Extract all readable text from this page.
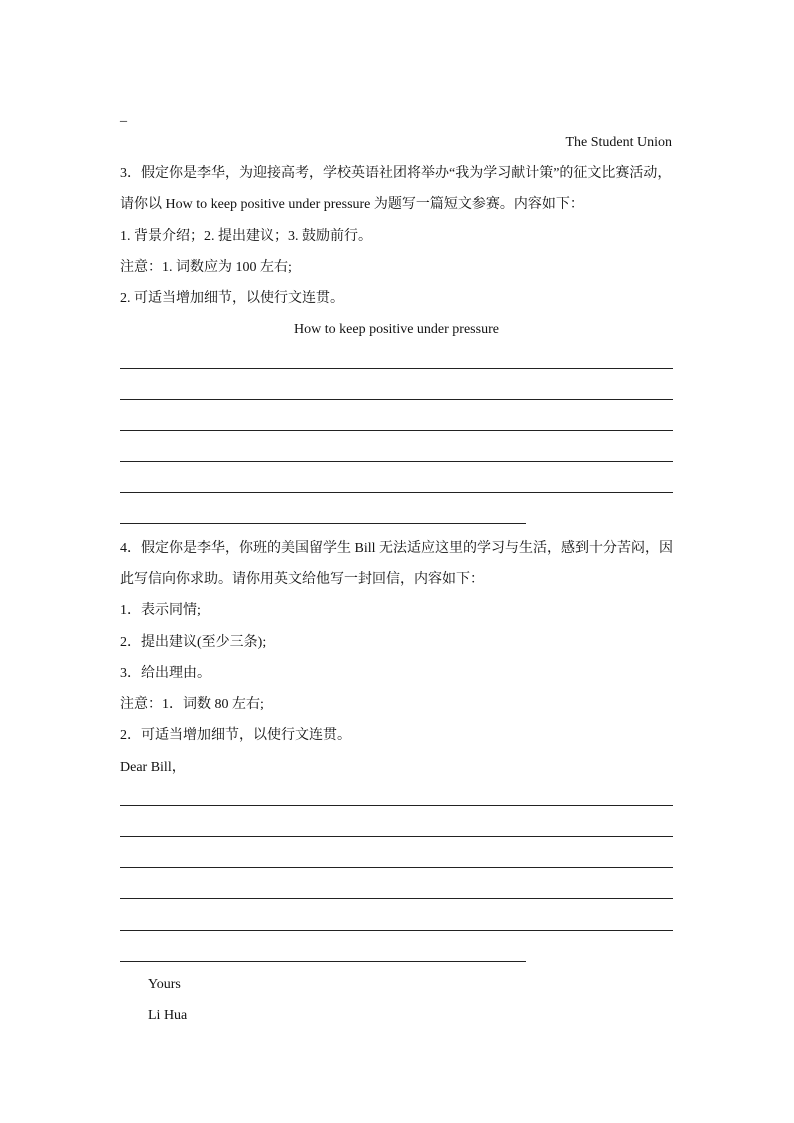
_
The Student Union
3．假定你是李华，为迎接高考，学校英语社团将举办“我为学习献计策”的征文比赛活动，
请你以 How to keep positive under pressure 为题写一篇短文参赛。内容如下：
1. 背景介绍；2. 提出建议；3. 鼓励前行。
注意：1. 词数应为 100 左右;
2. 可适当增加细节，以使行文连贯。
How to keep positive under pressure
4．假定你是李华，你班的美国留学生 Bill 无法适应这里的学习与生活，感到十分苦闷，因
此写信向你求助。请你用英文给他写一封回信，内容如下：
1．表示同情;
2．提出建议(至少三条);
3．给出理由。
注意：1．词数 80 左右;
2．可适当增加细节，以使行文连贯。
Dear Bill，
Yours
Li Hua
